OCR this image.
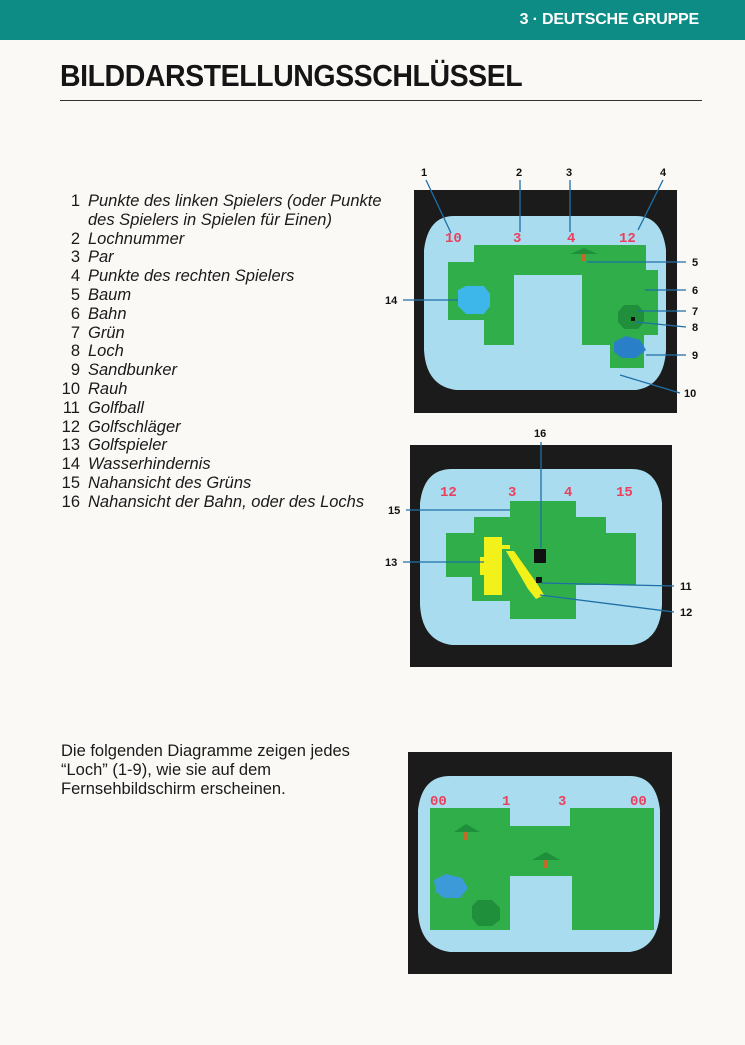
3 · DEUTSCHE GRUPPE
BILDDARSTELLUNGSSCHLÜSSEL
1 Punkte des linken Spielers (oder Punkte des Spielers in Spielen für Einen)
2 Lochnummer
3 Par
4 Punkte des rechten Spielers
5 Baum
6 Bahn
7 Grün
8 Loch
9 Sandbunker
10 Rauh
11 Golfball
12 Golfschläger
13 Golfspieler
14 Wasserhindernis
15 Nahansicht des Grüns
16 Nahansicht der Bahn, oder des Lochs
Die folgenden Diagramme zeigen jedes “Loch” (1-9), wie sie auf dem Fernsehbildschirm erscheinen.
10	3	4	12
12	3	4	15
00	1	3	00
1	2	3	4
5
6
7
8
9
10
14
16
15
13
11
12
